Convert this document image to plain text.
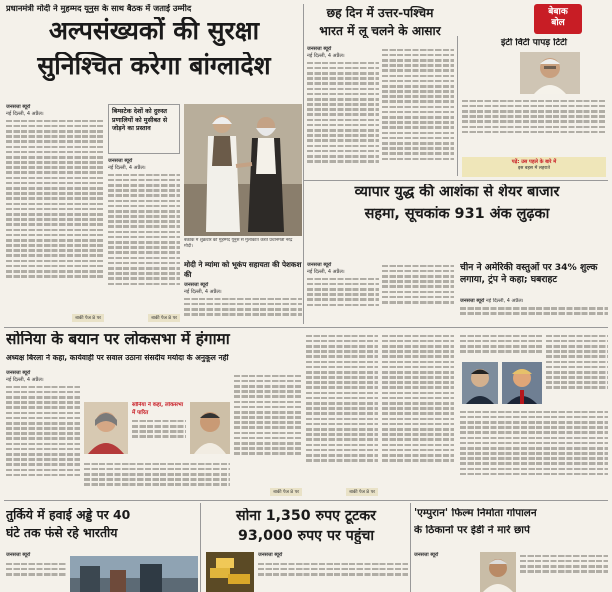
प्रधानमंत्री मोदी ने मुहम्मद यूनुस के साथ बैठक में जताई उम्मीद
अल्पसंख्यकों की सुरक्षा
सुनिश्चित करेगा बांग्लादेश
जनसत्ता ब्यूरो
नई दिल्ली, 4 अप्रैल।
बाकी पेज 8 पर
बिम्सटेक देशों को दुरुस्त प्रणालियों को मुसीबत से जोड़ने का प्रस्ताव
जनसत्ता ब्यूरो
नई दिल्ली, 4 अप्रैल।
बाकी पेज 8 पर
बैंकॉक में शुक्रवार को मुहम्मद यूनुस से मुलाकात करते प्रधानमंत्री नरेंद्र मोदी।
मोदी ने म्यांमा को भूकंप सहायता की पेशकश की
जनसत्ता ब्यूरो
नई दिल्ली, 4 अप्रैल।
छह दिन में उत्तर-पश्चिम
भारत में लू चलने के आसार
जनसत्ता ब्यूरो
नई दिल्ली, 4 अप्रैल।
बेबाक
बोल
इंटी विंटी पापड़ टिंटी
पढ़ें: उस पहले के बारे में
इस बहस में लहराते
व्यापार युद्ध की आशंका से शेयर बाजार
सहमा, सूचकांक 931 अंक लुढ़का
जनसत्ता ब्यूरो
नई दिल्ली, 4 अप्रैल।	चीन ने अमेरिकी वस्तुओं पर 34% शुल्क लगाया, ट्रंप ने कहा; घबराहट
जनसत्ता ब्यूरो नई दिल्ली, 4 अप्रैल।
बाकी पेज 8 पर
सोनिया के बयान पर लोकसभा में हंगामा
अध्यक्ष बिरला ने कहा, कार्यवाही पर सवाल उठाना संसदीय मर्यादा के अनुकूल नहीं
जनसत्ता ब्यूरो
नई दिल्ली, 4 अप्रैल।
सोनिया ने कहा, लोकसभा में पारित
बाकी पेज 8 पर
तुर्किये में हवाई अड्डे पर 40
घंटे तक फंसे रहे भारतीय
जनसत्ता ब्यूरो
सोना 1,350 रुपए टूटकर
93,000 रुपए पर पहुंचा
जनसत्ता ब्यूरो
'एम्पुरान' फिल्म निर्माता गोपालन
के ठिकानों पर ईडी ने मारे छापे
जनसत्ता ब्यूरो
